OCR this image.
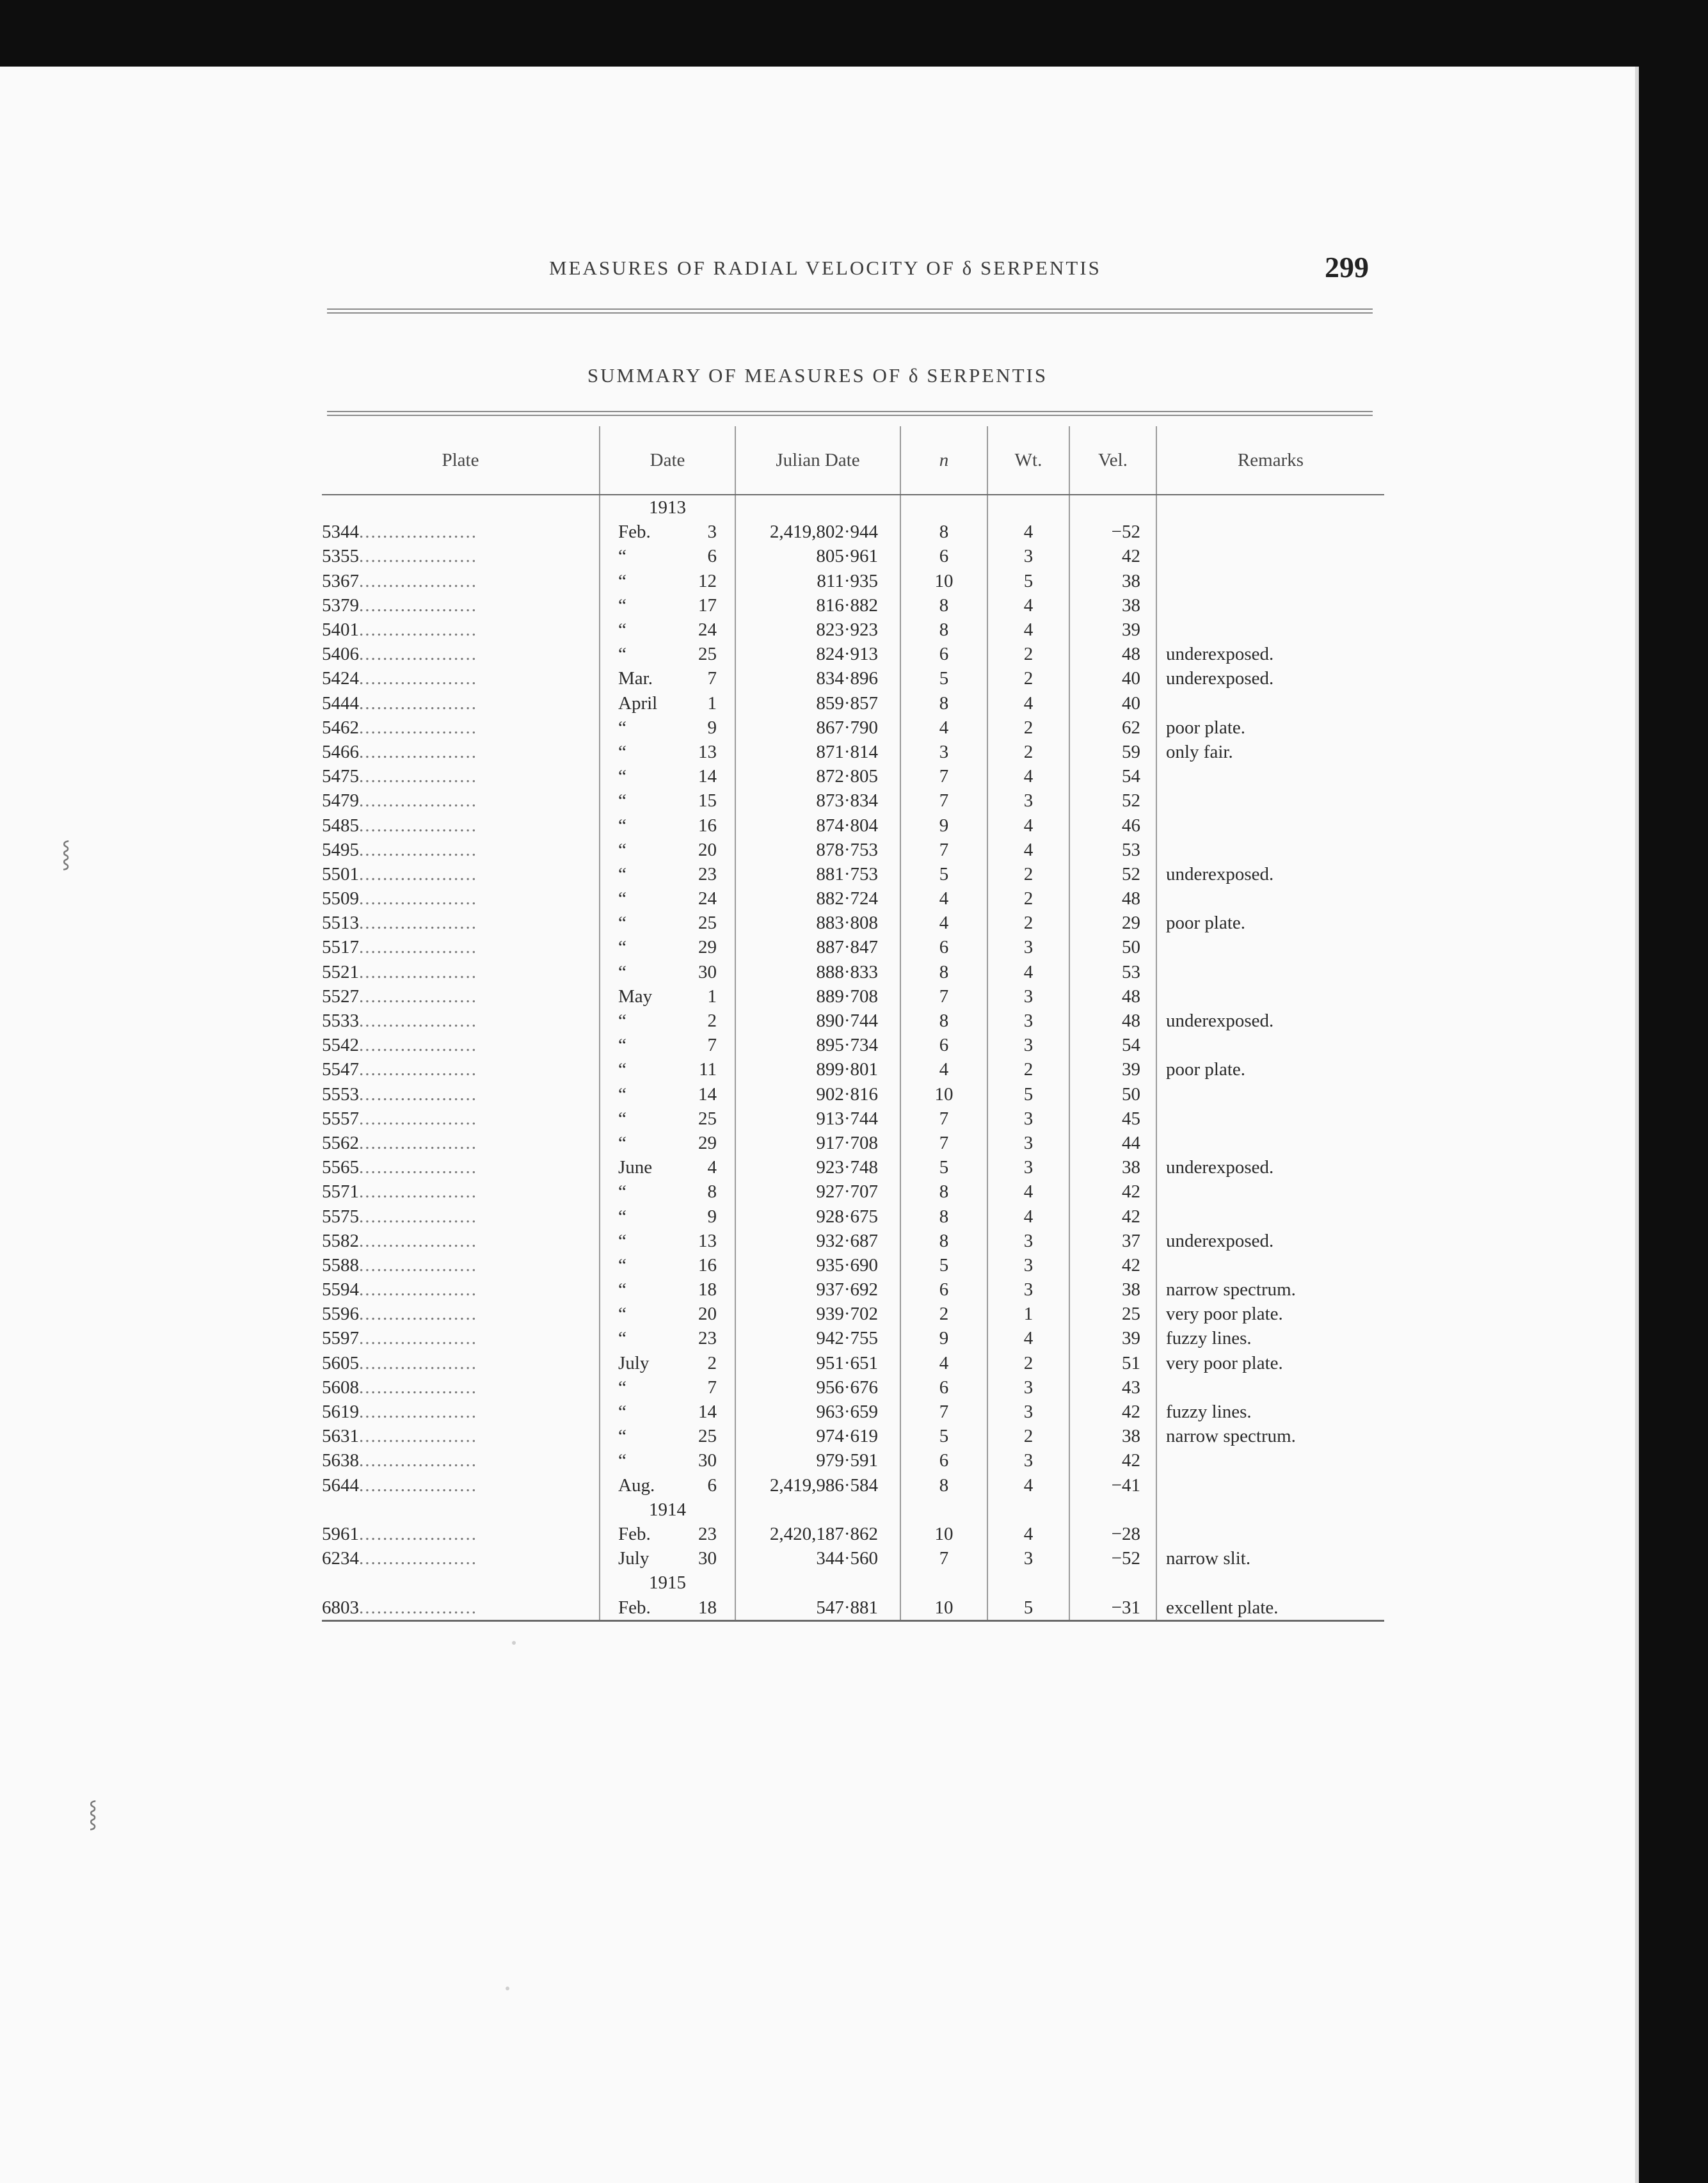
MEASURES OF RADIAL VELOCITY OF δ SERPENTIS	299
SUMMARY OF MEASURES OF δ SERPENTIS
Plate	Date		Julian Date	n	Wt.	Vel.	Remarks
	1913						
5344....................	Feb.	3	2,419,802·944	8	4	−52	
5355....................	“	6	805·961	6	3	42	
5367....................	“	12	811·935	10	5	38	
5379....................	“	17	816·882	8	4	38	
5401....................	“	24	823·923	8	4	39	
5406....................	“	25	824·913	6	2	48	underexposed.
5424....................	Mar.	7	834·896	5	2	40	underexposed.
5444....................	April	1	859·857	8	4	40	
5462....................	“	9	867·790	4	2	62	poor plate.
5466....................	“	13	871·814	3	2	59	only fair.
5475....................	“	14	872·805	7	4	54	
5479....................	“	15	873·834	7	3	52	
5485....................	“	16	874·804	9	4	46	
5495....................	“	20	878·753	7	4	53	
5501....................	“	23	881·753	5	2	52	underexposed.
5509....................	“	24	882·724	4	2	48	
5513....................	“	25	883·808	4	2	29	poor plate.
5517....................	“	29	887·847	6	3	50	
5521....................	“	30	888·833	8	4	53	
5527....................	May	1	889·708	7	3	48	
5533....................	“	2	890·744	8	3	48	underexposed.
5542....................	“	7	895·734	6	3	54	
5547....................	“	11	899·801	4	2	39	poor plate.
5553....................	“	14	902·816	10	5	50	
5557....................	“	25	913·744	7	3	45	
5562....................	“	29	917·708	7	3	44	
5565....................	June	4	923·748	5	3	38	underexposed.
5571....................	“	8	927·707	8	4	42	
5575....................	“	9	928·675	8	4	42	
5582....................	“	13	932·687	8	3	37	underexposed.
5588....................	“	16	935·690	5	3	42	
5594....................	“	18	937·692	6	3	38	narrow spectrum.
5596....................	“	20	939·702	2	1	25	very poor plate.
5597....................	“	23	942·755	9	4	39	fuzzy lines.
5605....................	July	2	951·651	4	2	51	very poor plate.
5608....................	“	7	956·676	6	3	43	
5619....................	“	14	963·659	7	3	42	fuzzy lines.
5631....................	“	25	974·619	5	2	38	narrow spectrum.
5638....................	“	30	979·591	6	3	42	
5644....................	Aug.	6	2,419,986·584	8	4	−41	
	1914						
5961....................	Feb.	23	2,420,187·862	10	4	−28	
6234....................	July	30	344·560	7	3	−52	narrow slit.
	1915						
6803....................	Feb.	18	547·881	10	5	−31	excellent plate.
⸾
⸾
